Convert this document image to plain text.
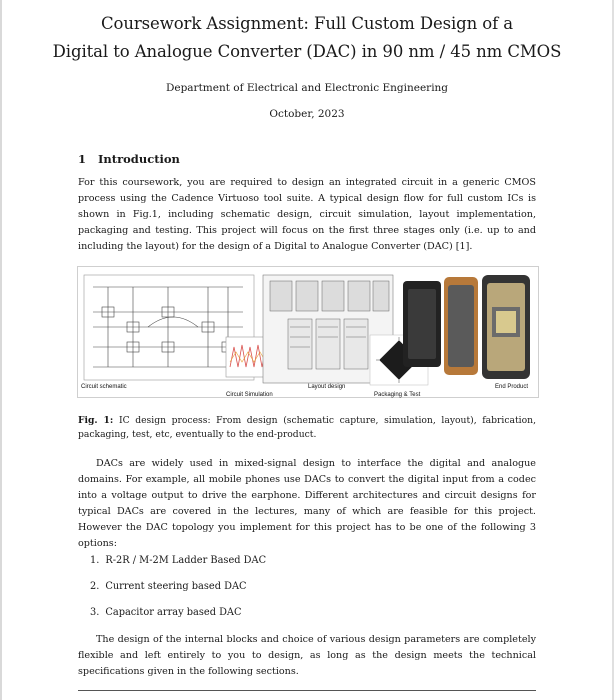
Coursework Assignment: Full Custom Design of a
Digital to Analogue Converter (DAC) in 90 nm / 45 nm CMOS
Department of Electrical and Electronic Engineering
October, 2023
1 Introduction
For this coursework, you are required to design an integrated circuit in a generic CMOS process using the Cadence Virtuoso tool suite. A typical design flow for full custom ICs is shown in Fig.1, including schematic design, circuit simulation, layout implementation, packaging and testing. This project will focus on the first three stages only (i.e. up to and including the layout) for the design of a Digital to Analogue Converter (DAC) [1].
Circuit schematic
Circuit Simulation
Layout design
Packaging & Test
End Product
Fig. 1: IC design process: From design (schematic capture, simulation, layout), fabrication, packaging, test, etc, eventually to the end-product.
DACs are widely used in mixed-signal design to interface the digital and analogue domains. For example, all mobile phones use DACs to convert the digital input from a codec into a voltage output to drive the earphone. Different architectures and circuit designs for typical DACs are covered in the lectures, many of which are feasible for this project. However the DAC topology you implement for this project has to be one of the following 3 options:
1. R-2R / M-2M Ladder Based DAC
2. Current steering based DAC
3. Capacitor array based DAC
The design of the internal blocks and choice of various design parameters are completely flexible and left entirely to you to design, as long as the design meets the technical specifications given in the following sections.
